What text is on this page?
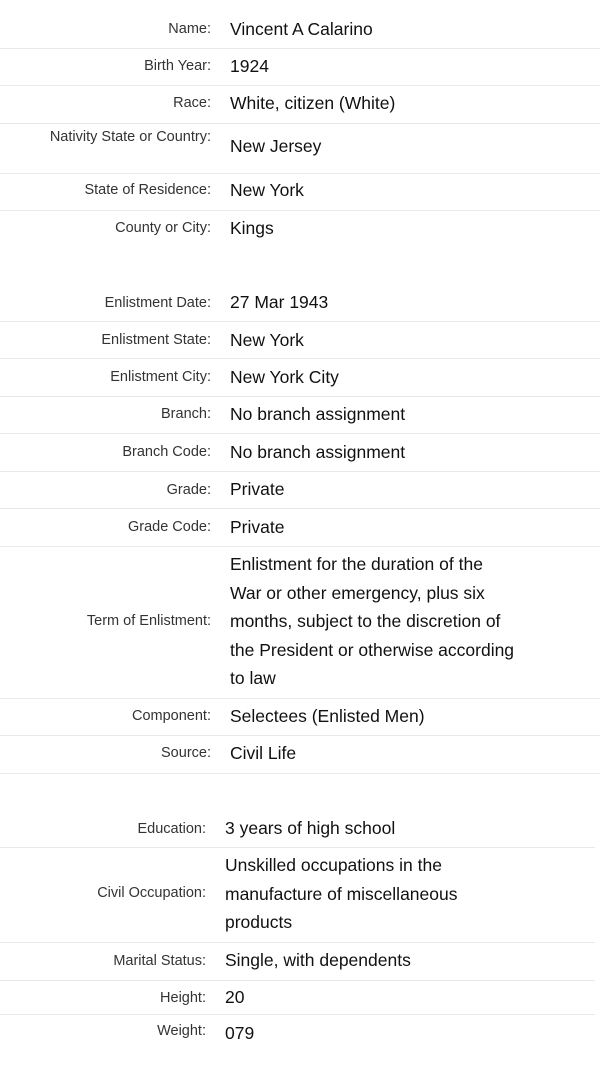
Name: Vincent A Calarino
Birth Year: 1924
Race: White, citizen (White)
Nativity State or Country: New Jersey
State of Residence: New York
County or City: Kings
Enlistment Date: 27 Mar 1943
Enlistment State: New York
Enlistment City: New York City
Branch: No branch assignment
Branch Code: No branch assignment
Grade: Private
Grade Code: Private
Term of Enlistment:
Enlistment for the duration of the War or other emergency, plus six months, subject to the discretion of the President or otherwise according to law
Component: Selectees (Enlisted Men)
Source: Civil Life
Education: 3 years of high school
Civil Occupation:
Unskilled occupations in the manufacture of miscellaneous products
Marital Status: Single, with dependents
Height: 20
Weight: 079
